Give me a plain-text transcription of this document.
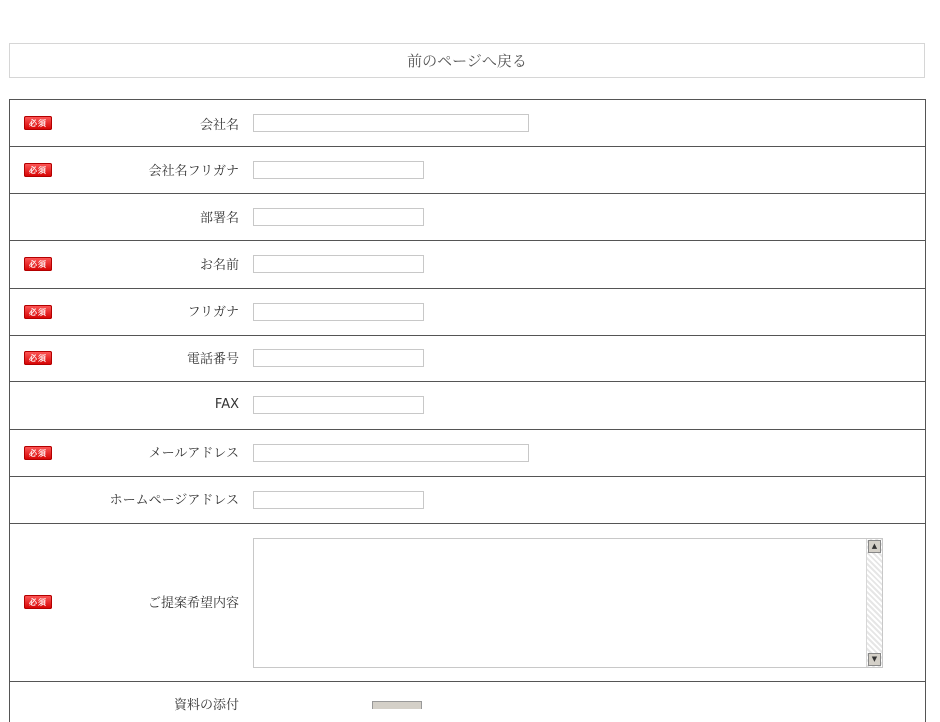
前のページへ戻る
必須	会社名
必須	会社名フリガナ
部署名
必須	お名前
必須	フリガナ
必須	電話番号
FAX
必須	メールアドレス
ホームページアドレス
必須	ご提案希望内容
▲
▼
資料の添付
